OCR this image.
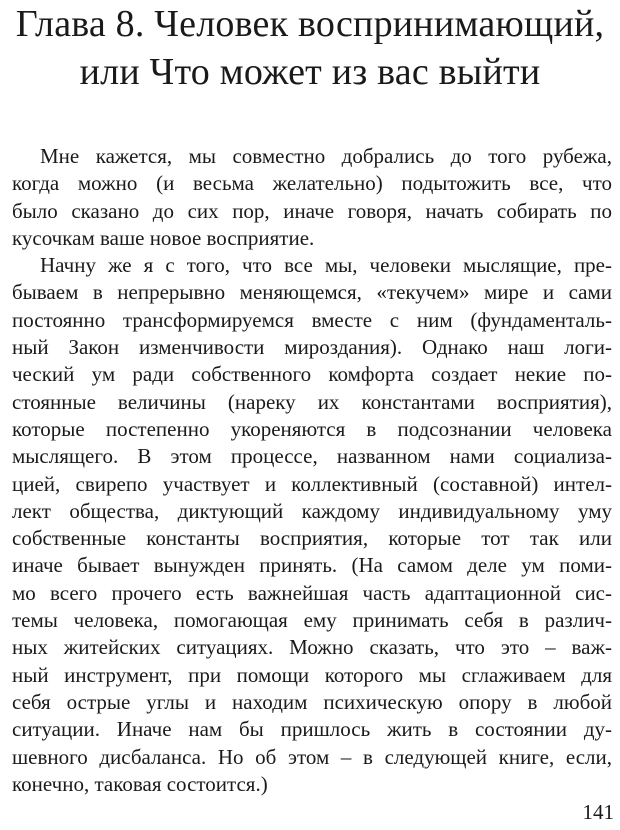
Глава 8. Человек воспринимающий,
или Что может из вас выйти

Мне кажется, мы совместно добрались до того рубежа,
когда можно (и весьма желательно) подытожить все, что
было сказано до сих пор, иначе говоря, начать собирать по
кусочкам ваше новое восприятие.

Начну же я с того, что все мы, человеки мыслящие, пре-
бываем в непрерывно меняющемся, «текучем» мире и сами
постоянно трансформируемся вместе с ним (фундаменталь-
ный Закон изменчивости мироздания). Однако наш логи-
ческий ум ради собственного комфорта создает некие по-
стоянные величины (нареку их константами восприятия),
которые постепенно укореняются в подсознании человека
мыслящего. В этом процессе, названном нами социализа-
цией, свирепо участвует и коллективный (составной) интел-
лект общества, диктующий каждому индивидуальному уму
собственные константы восприятия, которые тот так или
иначе бывает вынужден принять. (На самом деле ум поми-
мо всего прочего есть важнейшая часть адаптационной сис-
темы человека, помогающая ему принимать себя в различ-
ных житейских ситуациях. Можно сказать, что это – важ-
ный инструмент, при помощи которого мы сглаживаем для
себя острые углы и находим психическую опору в любой
ситуации. Иначе нам бы пришлось жить в состоянии ду-
шевного дисбаланса. Но об этом – в следующей книге, если,
конечно, таковая состоится.)

141
